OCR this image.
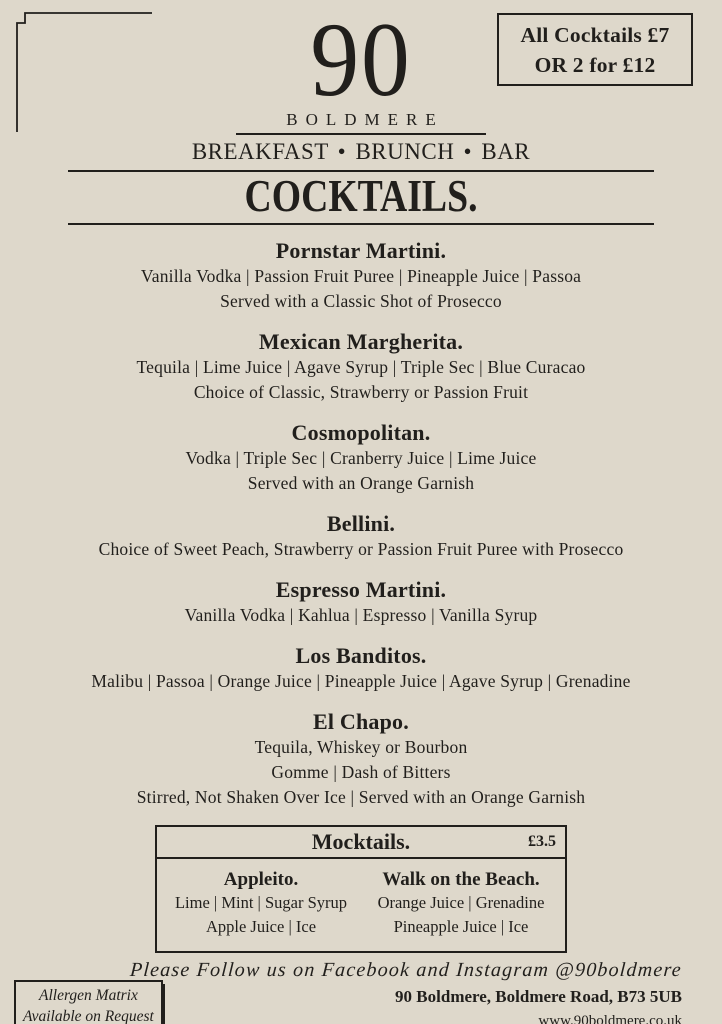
All Cocktails £7
OR 2 for £12
90
BOLDMERE
BREAKFAST • BRUNCH • BAR
COCKTAILS.
Pornstar Martini.

Vanilla Vodka | Passion Fruit Puree | Pineapple Juice | Passoa

Served with a Classic Shot of Prosecco

Mexican Margherita.

Tequila | Lime Juice | Agave Syrup | Triple Sec | Blue Curacao

Choice of Classic, Strawberry or Passion Fruit

Cosmopolitan.

Vodka | Triple Sec | Cranberry Juice | Lime Juice

Served with an Orange Garnish

Bellini.

Choice of Sweet Peach, Strawberry or Passion Fruit Puree with Prosecco

Espresso Martini.

Vanilla Vodka | Kahlua | Espresso | Vanilla Syrup

Los Banditos.

Malibu | Passoa | Orange Juice | Pineapple Juice | Agave Syrup | Grenadine

El Chapo.

Tequila, Whiskey or Bourbon

Gomme | Dash of Bitters

Stirred, Not Shaken Over Ice | Served with an Orange Garnish

Mocktails.	£3.5
Appleito.

Lime | Mint | Sugar Syrup

Apple Juice | Ice

Walk on the Beach.

Orange Juice | Grenadine

Pineapple Juice | Ice

Allergen Matrix
Available on Request
Please Follow us on Facebook and Instagram @90boldmere
90 Boldmere, Boldmere Road, B73 5UB
www.90boldmere.co.uk
